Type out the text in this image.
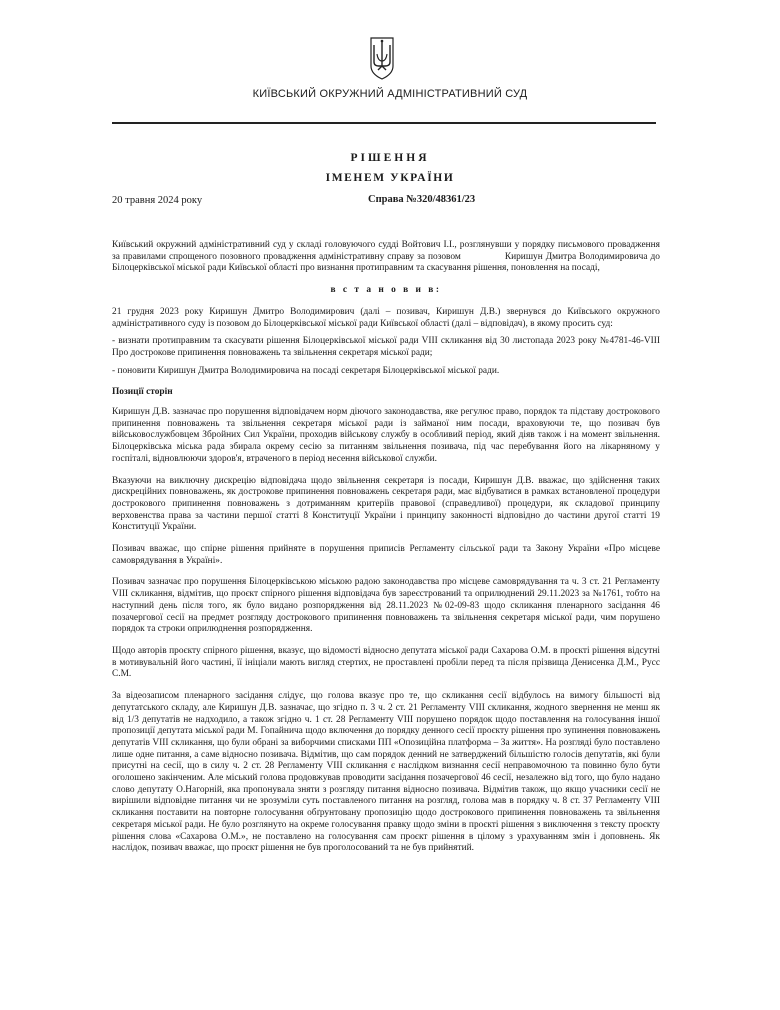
КИЇВСЬКИЙ ОКРУЖНИЙ АДМІНІСТРАТИВНИЙ СУД
РІШЕННЯ
ІМЕНЕМ УКРАЇНИ
20 травня 2024 року	Справа №320/48361/23

Київський окружний адміністративний суд у складі головуючого судді Войтович І.І., розглянувши у порядку письмового провадження за правилами спрощеного позовного провадження адміністративну справу за позовом	Киришун Дмитра Володимировича до Білоцерківської міської ради Київської області про визнання протиправним та скасування рішення, поновлення на посаді,

в с т а н о в и в:

21 грудня 2023 року Киришун Дмитро Володимирович (далі – позивач, Киришун Д.В.) звернувся до Київського окружного адміністративного суду із позовом до Білоцерківської міської ради Київської області (далі – відповідач), в якому просить суд:

- визнати протиправним та скасувати рішення Білоцерківської міської ради VIII скликання від 30 листопада 2023 року №4781-46-VIII Про дострокове припинення повноважень та звільнення секретаря міської ради;

- поновити Киришун Дмитра Володимировича на посаді секретаря Білоцерківської міської ради.

Позиції сторін

Киришун Д.В. зазначає про порушення відповідачем норм діючого законодавства, яке регулює право, порядок та підставу дострокового припинення повноважень та звільнення секретаря міської ради із займаної ним посади, враховуючи те, що позивач був військовослужбовцем Збройних Сил України, проходив військову службу в особливий період, який діяв також і на момент звільнення. Білоцерківська міська рада збирала окрему сесію за питанням звільнення позивача, під час перебування його на лікарняному у госпіталі, відновлюючи здоров'я, втраченого в період несення військової служби.

Вказуючи на виключну дискрецію відповідача щодо звільнення секретаря із посади, Киришун Д.В. вважає, що здійснення таких дискреційних повноважень, як дострокове припинення повноважень секретаря ради, має відбуватися в рамках встановленої процедури дострокового припинення повноважень з дотриманням критеріїв правової (справедливої) процедури, як складової принципу верховенства права за частини першої статті 8 Конституції України і принципу законності відповідно до частини другої статті 19 Конституції України.

Позивач вважає, що спірне рішення прийняте в порушення приписів Регламенту сільської ради та Закону України «Про місцеве самоврядування в Україні».

Позивач зазначає про порушення Білоцерківською міською радою законодавства про місцеве самоврядування та ч. 3 ст. 21 Регламенту VIII скликання, відмітив, що проєкт спірного рішення відповідача був зареєстрований та оприлюднений 29.11.2023 за №1761, тобто на наступний день після того, як було видано розпорядження від 28.11.2023 №02-09-83 щодо скликання пленарного засідання 46 позачергової сесії на предмет розгляду дострокового припинення повноважень та звільнення секретаря міської ради, чим порушено порядок та строки оприлюднення розпорядження.

Щодо авторів проєкту спірного рішення, вказує, що відомості відносно депутата міської ради Сахарова О.М. в проєкті рішення відсутні в мотивувальній його частині, її ініціали мають вигляд стертих, не проставлені пробіли перед та після прізвища Денисенка Д.М., Русс С.М.

За відеозаписом пленарного засідання слідує, що голова вказує про те, що скликання сесії відбулось на вимогу більшості від депутатського складу, але Киришун Д.В. зазначає, що згідно п. 3 ч. 2 ст. 21 Регламенту VIII скликання, жодного звернення не менш як від 1/3 депутатів не надходило, а також згідно ч. 1 ст. 28 Регламенту VIII порушено порядок щодо поставлення на голосування іншої пропозиції депутата міської ради М. Гопайнича щодо включення до порядку денного сесії проєкту рішення про зупинення повноважень депутатів VIII скликання, що були обрані за виборчими списками ПП «Опозиційна платформа – За життя». На розгляді було поставлено лише одне питання, а саме відносно позивача. Відмітив, що сам порядок денний не затверджений більшістю голосів депутатів, які були присутні на сесії, що в силу ч. 2 ст. 28 Регламенту VIII скликання є наслідком визнання сесії неправомочною та повинно було бути оголошено закінченим. Але міський голова продовжував проводити засідання позачергової 46 сесії, незалежно від того, що було надано слово депутату О.Нагорній, яка пропонувала зняти з розгляду питання відносно позивача. Відмітив також, що якщо учасники сесії не вирішили відповідне питання чи не зрозуміли суть поставленого питання на розгляд, голова мав в порядку ч. 8 ст. 37 Регламенту VIII скликання поставити на повторне голосування обґрунтовану пропозицію щодо дострокового припинення повноважень та звільнення секретаря міської ради. Не було розглянуто на окреме голосування правку щодо зміни в проєкті рішення з виключення з тексту проєкту рішення слова «Сахарова О.М.», не поставлено на голосування сам проєкт рішення в цілому з урахуванням змін і доповнень. Як наслідок, позивач вважає, що проєкт рішення не був проголосований та не був прийнятий.
